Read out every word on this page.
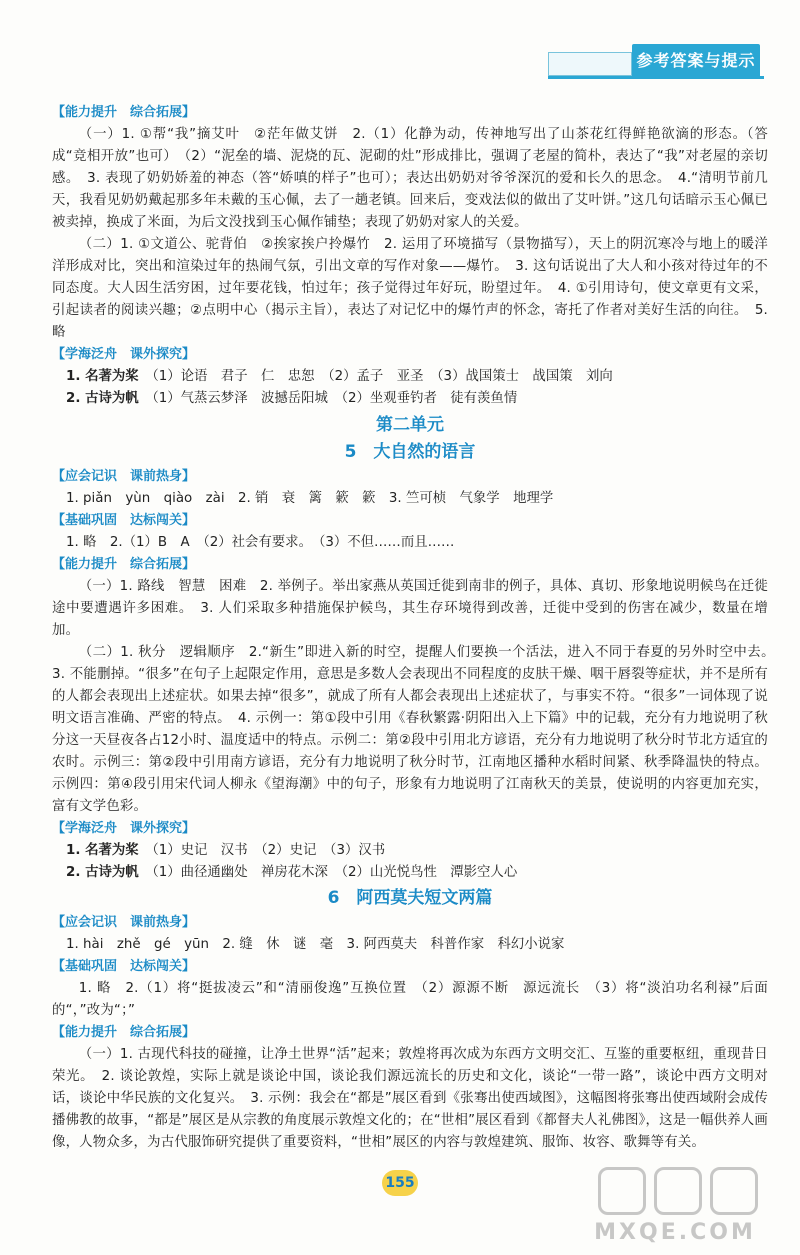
参考答案与提示
【能力提升　综合拓展】
（一）1. ①帮“我”摘艾叶　②茫年做艾饼　2.（1）化静为动，传神地写出了山茶花红得鲜艳欲滴的形态。（答成“竞相开放”也可）　（2）“泥垒的墙、泥烧的瓦、泥砌的灶”形成排比，强调了老屋的简朴，表达了“我”对老屋的亲切感。　3. 表现了奶奶娇羞的神态（答“娇嗔的样子”也可）；表达出奶奶对爷爷深沉的爱和长久的思念。　4.“清明节前几天，我看见奶奶戴起那多年未戴的玉心佩，去了一趟老镇。回来后，变戏法似的做出了艾叶饼。”这几句话暗示玉心佩已被卖掉，换成了米面，为后文没找到玉心佩作铺垫；表现了奶奶对家人的关爱。
（二）1. ①文道公、驼背伯　②挨家挨户拎爆竹　2. 运用了环境描写（景物描写），天上的阴沉寒冷与地上的暖洋洋形成对比，突出和渲染过年的热闹气氛，引出文章的写作对象——爆竹。　3. 这句话说出了大人和小孩对待过年的不同态度。大人因生活穷困，过年要花钱，怕过年；孩子觉得过年好玩，盼望过年。　4. ①引用诗句，使文章更有文采，引起读者的阅读兴趣；②点明中心（揭示主旨），表达了对记忆中的爆竹声的怀念，寄托了作者对美好生活的向往。　5. 略
【学海泛舟　课外探究】
1. 名著为桨　 （1）论语　君子　仁　忠恕　（2）孟子　亚圣　（3）战国策士　战国策　刘向
2. 古诗为帆　 （1）气蒸云梦泽　波撼岳阳城　（2）坐观垂钓者　徒有羡鱼情
第二单元
5　大自然的语言
【应会记识　课前热身】
1. piǎn　yùn　qiào　zài　2. 销　衰　篱　簌　簌　3. 竺可桢　气象学　地理学
【基础巩固　达标闯关】
1. 略　2.（1）B　A　（2）社会有要求。　（3）不但……而且……
【能力提升　综合拓展】
（一）1. 路线　智慧　困难　2. 举例子。举出家燕从英国迁徙到南非的例子，具体、真切、形象地说明候鸟在迁徙途中要遭遇许多困难。　3. 人们采取多种措施保护候鸟，其生存环境得到改善，迁徙中受到的伤害在减少，数量在增加。
（二）1. 秋分　逻辑顺序　2.“新生”即进入新的时空，提醒人们要换一个活法，进入不同于春夏的另外时空中去。　3. 不能删掉。“很多”在句子上起限定作用，意思是多数人会表现出不同程度的皮肤干燥、咽干唇裂等症状，并不是所有的人都会表现出上述症状。如果去掉“很多”，就成了所有人都会表现出上述症状了，与事实不符。“很多”一词体现了说明文语言准确、严密的特点。　4. 示例一：第①段中引用《春秋繁露·阴阳出入上下篇》中的记载，充分有力地说明了秋分这一天昼夜各占12小时、温度适中的特点。示例二：第②段中引用北方谚语，充分有力地说明了秋分时节北方适宜的农时。示例三：第②段中引用南方谚语，充分有力地说明了秋分时节，江南地区播种水稻时间紧、秋季降温快的特点。示例四：第④段引用宋代词人柳永《望海潮》中的句子，形象有力地说明了江南秋天的美景，使说明的内容更加充实，富有文学色彩。
【学海泛舟　课外探究】
1. 名著为桨　 （1）史记　汉书　（2）史记　（3）汉书
2. 古诗为帆　 （1）曲径通幽处　禅房花木深　（2）山光悦鸟性　潭影空人心
6　阿西莫夫短文两篇
【应会记识　课前热身】
1. hài　zhě　gé　yūn　2. 缝　休　谜　毫　3. 阿西莫夫　科普作家　科幻小说家
【基础巩固　达标闯关】
1. 略　2.（1）将“挺拔凌云”和“清丽俊逸”互换位置　（2）源源不断　源远流长　（3）将“淡泊功名利禄”后面的“，”改为“；”
【能力提升　综合拓展】
（一）1. 古现代科技的碰撞，让净土世界“活”起来；敦煌将再次成为东西方文明交汇、互鉴的重要枢纽，重现昔日荣光。　2. 谈论敦煌，实际上就是谈论中国，谈论我们源远流长的历史和文化，谈论“一带一路”，谈论中西方文明对话，谈论中华民族的文化复兴。　3. 示例：我会在“都是”展区看到《张骞出使西域图》，这幅图将张骞出使西域附会成传播佛教的故事，“都是”展区是从宗教的角度展示敦煌文化的；在“世相”展区看到《都督夫人礼佛图》，这是一幅供养人画像，人物众多，为古代服饰研究提供了重要资料，“世相”展区的内容与敦煌建筑、服饰、妆容、歌舞等有关。
155
MXQE.COM
